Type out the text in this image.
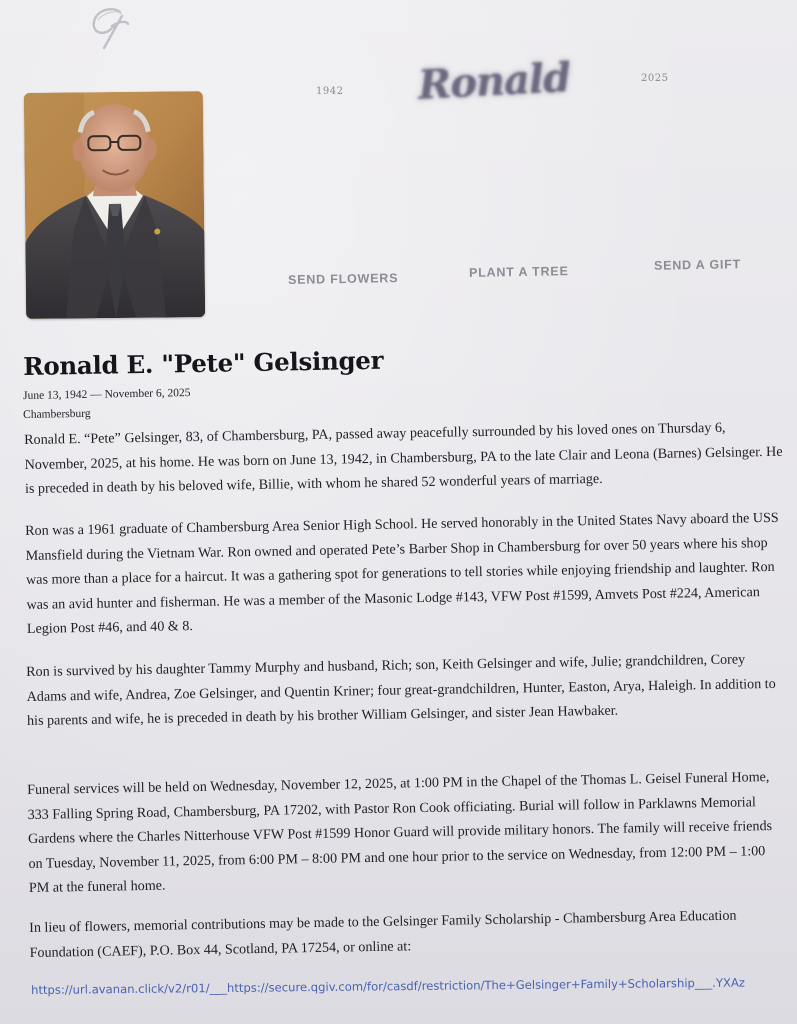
1942 Ronald	2025
SEND FLOWERS	PLANT A TREE	SEND A GIFT
Ronald E. "Pete" Gelsinger
June 13, 1942 — November 6, 2025
Chambersburg
Ronald E. “Pete” Gelsinger, 83, of Chambersburg, PA, passed away peacefully surrounded by his loved ones on Thursday 6, November, 2025, at his home. He was born on June 13, 1942, in Chambersburg, PA to the late Clair and Leona (Barnes) Gelsinger. He is preceded in death by his beloved wife, Billie, with whom he shared 52 wonderful years of marriage.
Ron was a 1961 graduate of Chambersburg Area Senior High School. He served honorably in the United States Navy aboard the USS Mansfield during the Vietnam War. Ron owned and operated Pete’s Barber Shop in Chambersburg for over 50 years where his shop was more than a place for a haircut. It was a gathering spot for generations to tell stories while enjoying friendship and laughter. Ron was an avid hunter and fisherman. He was a member of the Masonic Lodge #143, VFW Post #1599, Amvets Post #224, American Legion Post #46, and 40 & 8.
Ron is survived by his daughter Tammy Murphy and husband, Rich; son, Keith Gelsinger and wife, Julie; grandchildren, Corey Adams and wife, Andrea, Zoe Gelsinger, and Quentin Kriner; four great-grandchildren, Hunter, Easton, Arya, Haleigh. In addition to his parents and wife, he is preceded in death by his brother William Gelsinger, and sister Jean Hawbaker.
Funeral services will be held on Wednesday, November 12, 2025, at 1:00 PM in the Chapel of the Thomas L. Geisel Funeral Home, 333 Falling Spring Road, Chambersburg, PA 17202, with Pastor Ron Cook officiating. Burial will follow in Parklawns Memorial Gardens where the Charles Nitterhouse VFW Post #1599 Honor Guard will provide military honors. The family will receive friends on Tuesday, November 11, 2025, from 6:00 PM – 8:00 PM and one hour prior to the service on Wednesday, from 12:00 PM – 1:00 PM at the funeral home.
In lieu of flowers, memorial contributions may be made to the Gelsinger Family Scholarship - Chambersburg Area Education Foundation (CAEF), P.O. Box 44, Scotland, PA 17254, or online at:
https://url.avanan.click/v2/r01/___https://secure.qgiv.com/for/casdf/restriction/The+Gelsinger+Family+Scholarship___.YXAz
